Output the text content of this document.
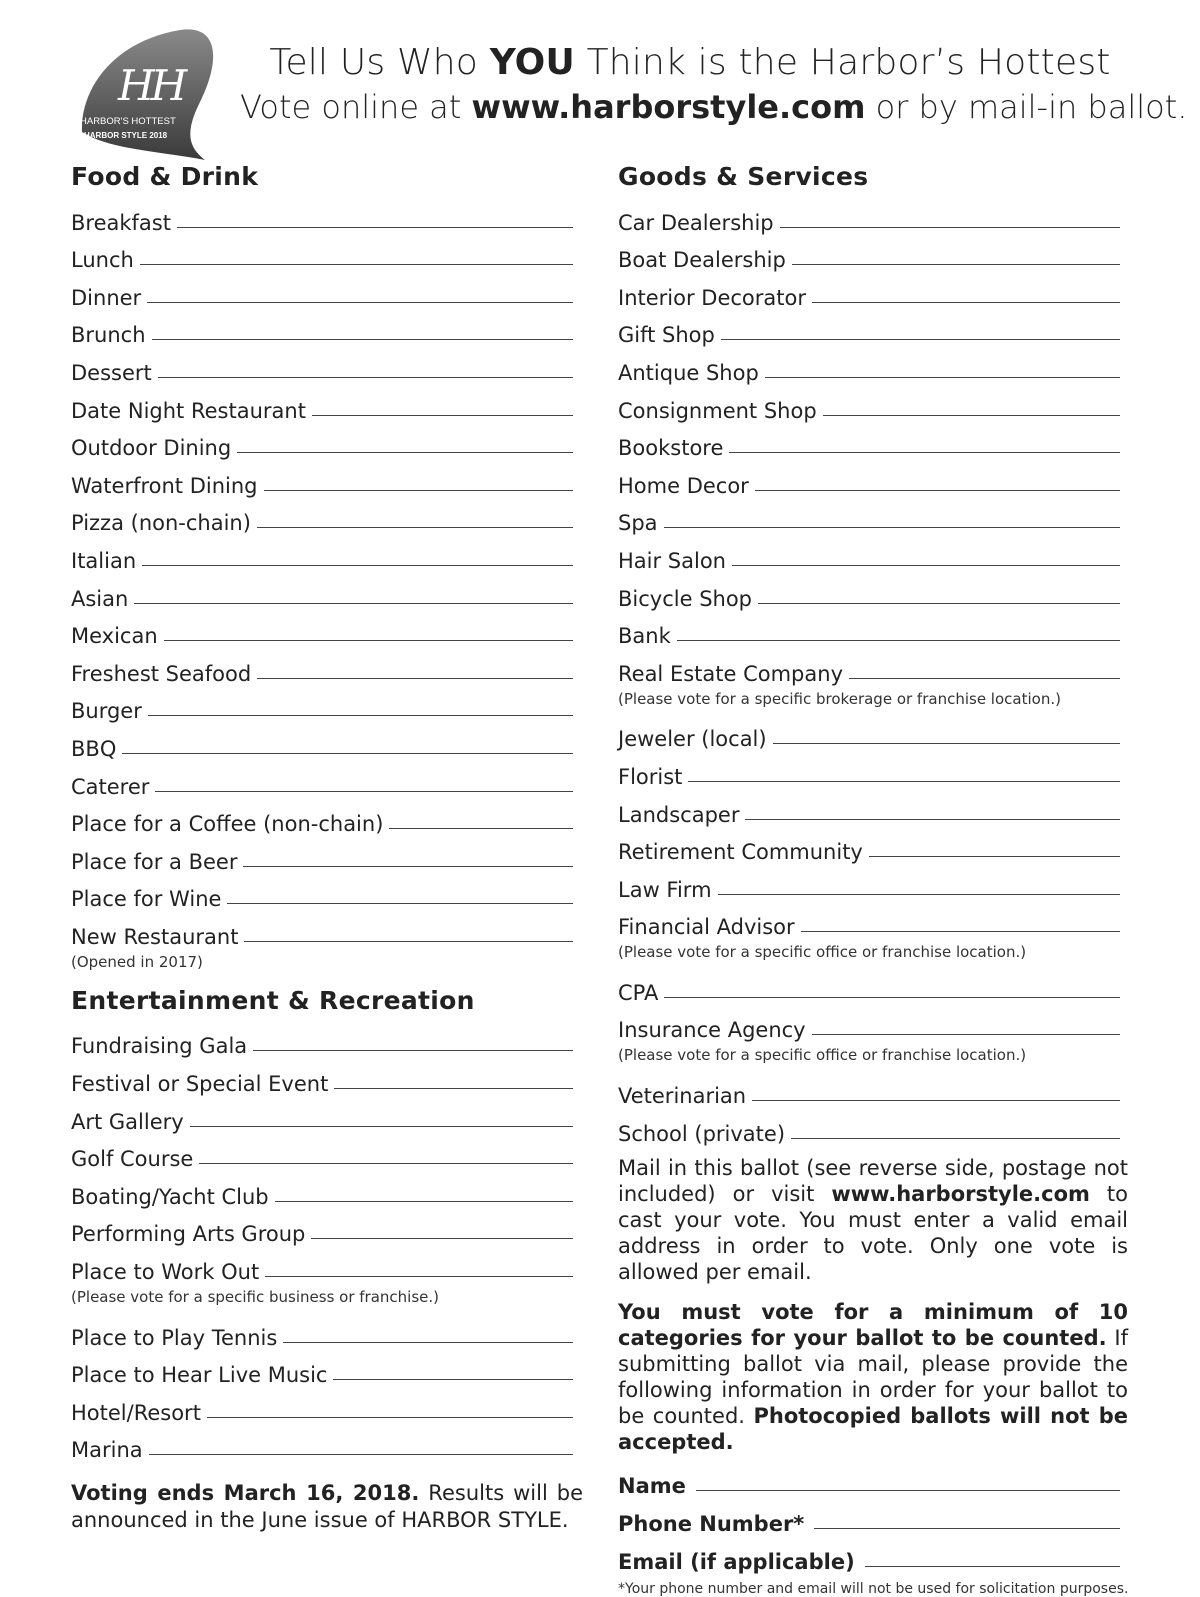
HH
HARBOR'S HOTTEST
HARBOR STYLE 2018
Tell Us Who YOU Think is the Harbor’s Hottest
Vote online at www.harborstyle.com or by mail-in ballot.
Food & Drink
Breakfast
Lunch
Dinner
Brunch
Dessert
Date Night Restaurant
Outdoor Dining
Waterfront Dining
Pizza (non-chain)
Italian
Asian
Mexican
Freshest Seafood
Burger
BBQ
Caterer
Place for a Coffee (non-chain)
Place for a Beer
Place for Wine
New Restaurant
(Opened in 2017)
Entertainment & Recreation
Fundraising Gala
Festival or Special Event
Art Gallery
Golf Course
Boating/Yacht Club
Performing Arts Group
Place to Work Out
(Please vote for a specific business or franchise.)
Place to Play Tennis
Place to Hear Live Music
Hotel/Resort
Marina
Goods & Services
Car Dealership
Boat Dealership
Interior Decorator
Gift Shop
Antique Shop
Consignment Shop
Bookstore
Home Decor
Spa
Hair Salon
Bicycle Shop
Bank
Real Estate Company
(Please vote for a specific brokerage or franchise location.)
Jeweler (local)
Florist
Landscaper
Retirement Community
Law Firm
Financial Advisor
(Please vote for a specific office or franchise location.)
CPA
Insurance Agency
(Please vote for a specific office or franchise location.)
Veterinarian
School (private)
Mail in this ballot (see reverse side, postage not included) or visit www.harborstyle.com to cast your vote. You must enter a valid email address in order to vote. Only one vote is allowed per email.
You must vote for a minimum of 10 categories for your ballot to be counted. If submitting ballot via mail, please provide the following information in order for your ballot to be counted. Photocopied ballots will not be accepted.
Name
Phone Number*
Email (if applicable)
*Your phone number and email will not be used for solicitation purposes.
Voting ends March 16, 2018. Results will be announced in the June issue of HARBOR STYLE.
